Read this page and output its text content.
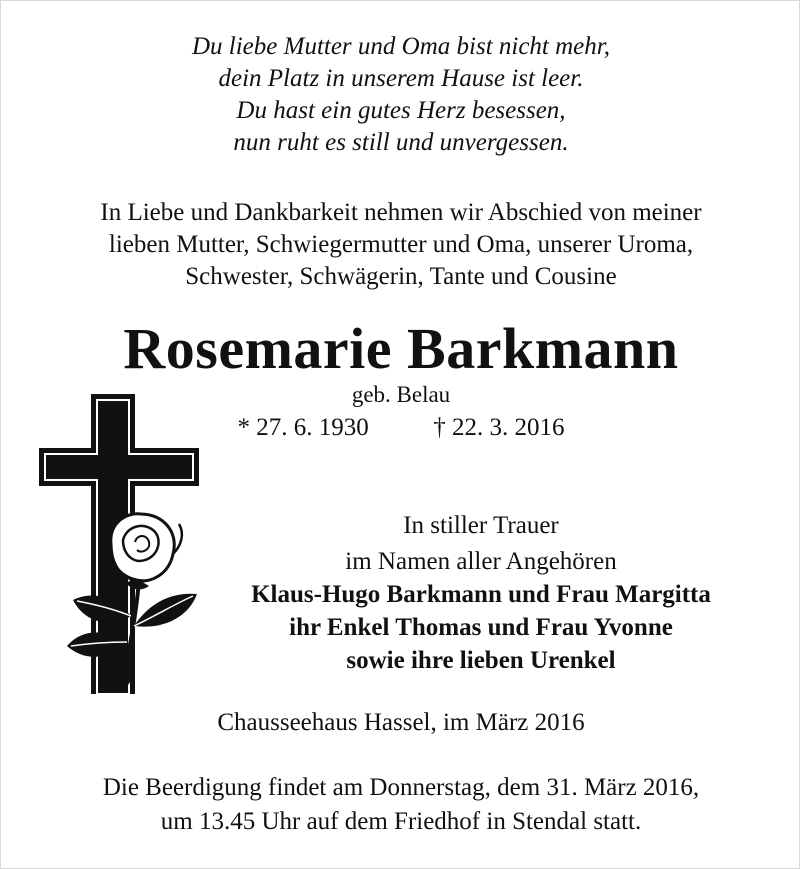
Du liebe Mutter und Oma bist nicht mehr,
dein Platz in unserem Hause ist leer.
Du hast ein gutes Herz besessen,
nun ruht es still und unvergessen.
In Liebe und Dankbarkeit nehmen wir Abschied von meiner
lieben Mutter, Schwiegermutter und Oma, unserer Uroma,
Schwester, Schwägerin, Tante und Cousine
Rosemarie Barkmann
geb. Belau
* 27. 6. 1930	† 22. 3. 2016
In stiller Trauer
im Namen aller Angehören
Klaus-Hugo Barkmann und Frau Margitta
ihr Enkel Thomas und Frau Yvonne
sowie ihre lieben Urenkel
Chausseehaus Hassel, im März 2016
Die Beerdigung findet am Donnerstag, dem 31. März 2016,
um 13.45 Uhr auf dem Friedhof in Stendal statt.
